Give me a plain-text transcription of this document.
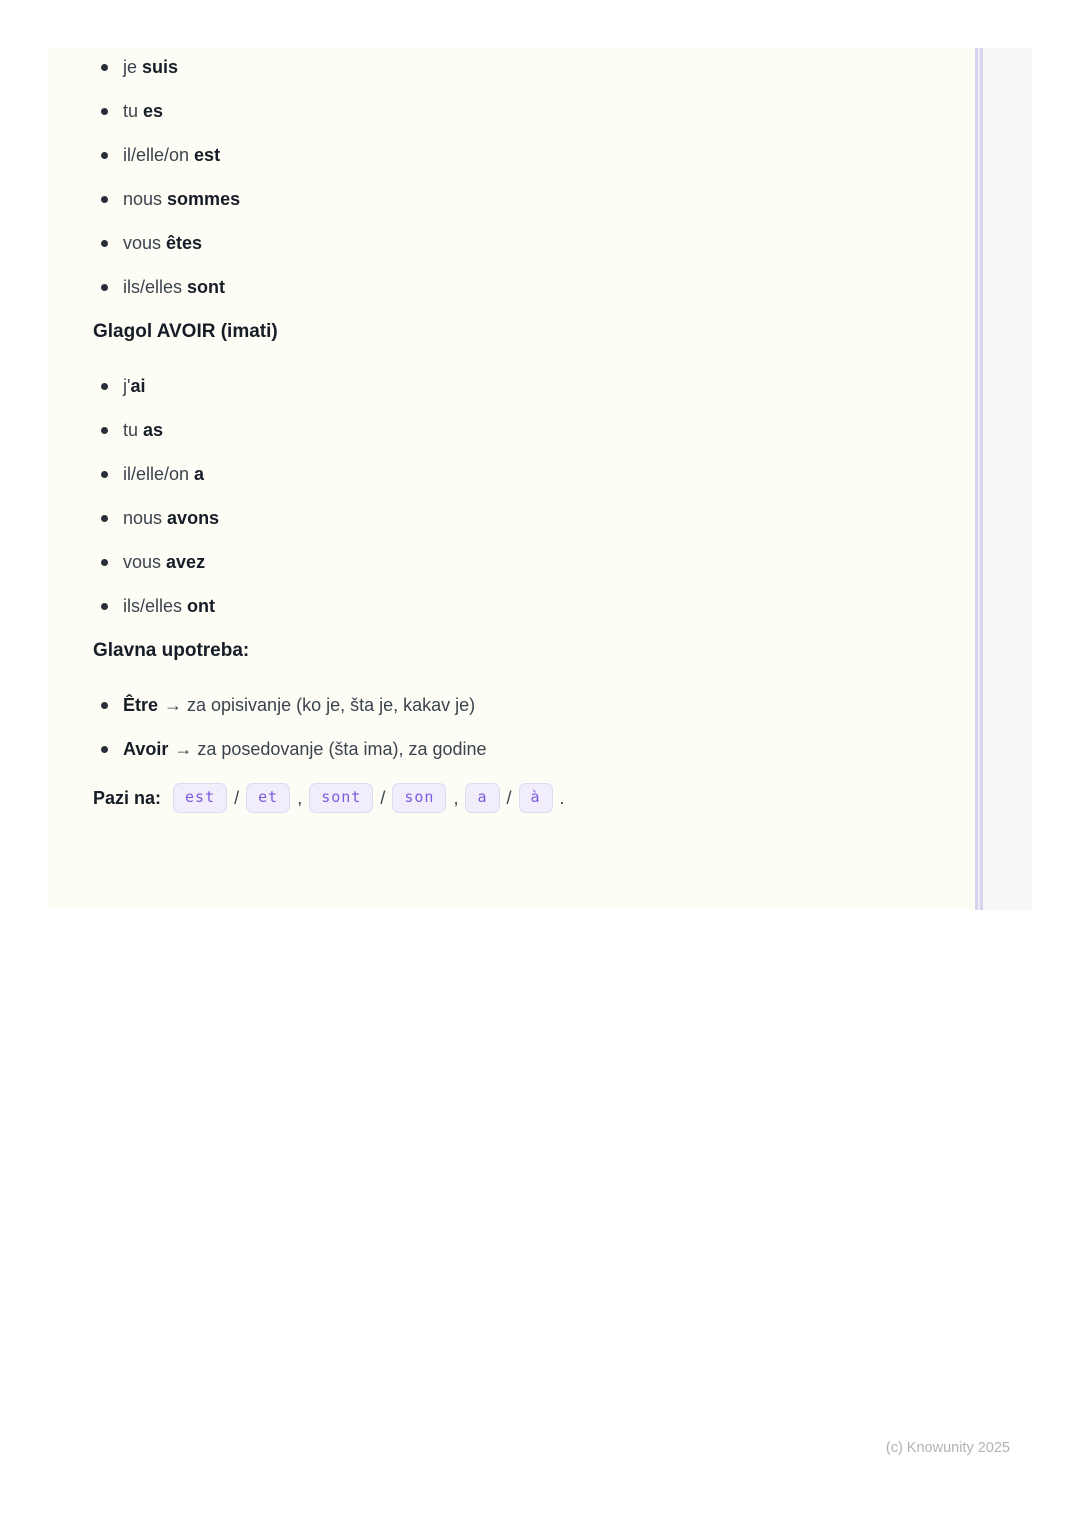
je suis
tu es
il/elle/on est
nous sommes
vous êtes
ils/elles sont
Glagol AVOIR (imati)
j'ai
tu as
il/elle/on a
nous avons
vous avez
ils/elles ont
Glavna upotreba:
Être → za opisivanje (ko je, šta je, kakav je)
Avoir → za posedovanje (šta ima), za godine

Pazi na:	est	/	et	,	sont	/	son	,	a	/	à	.

(c) Knowunity 2025
